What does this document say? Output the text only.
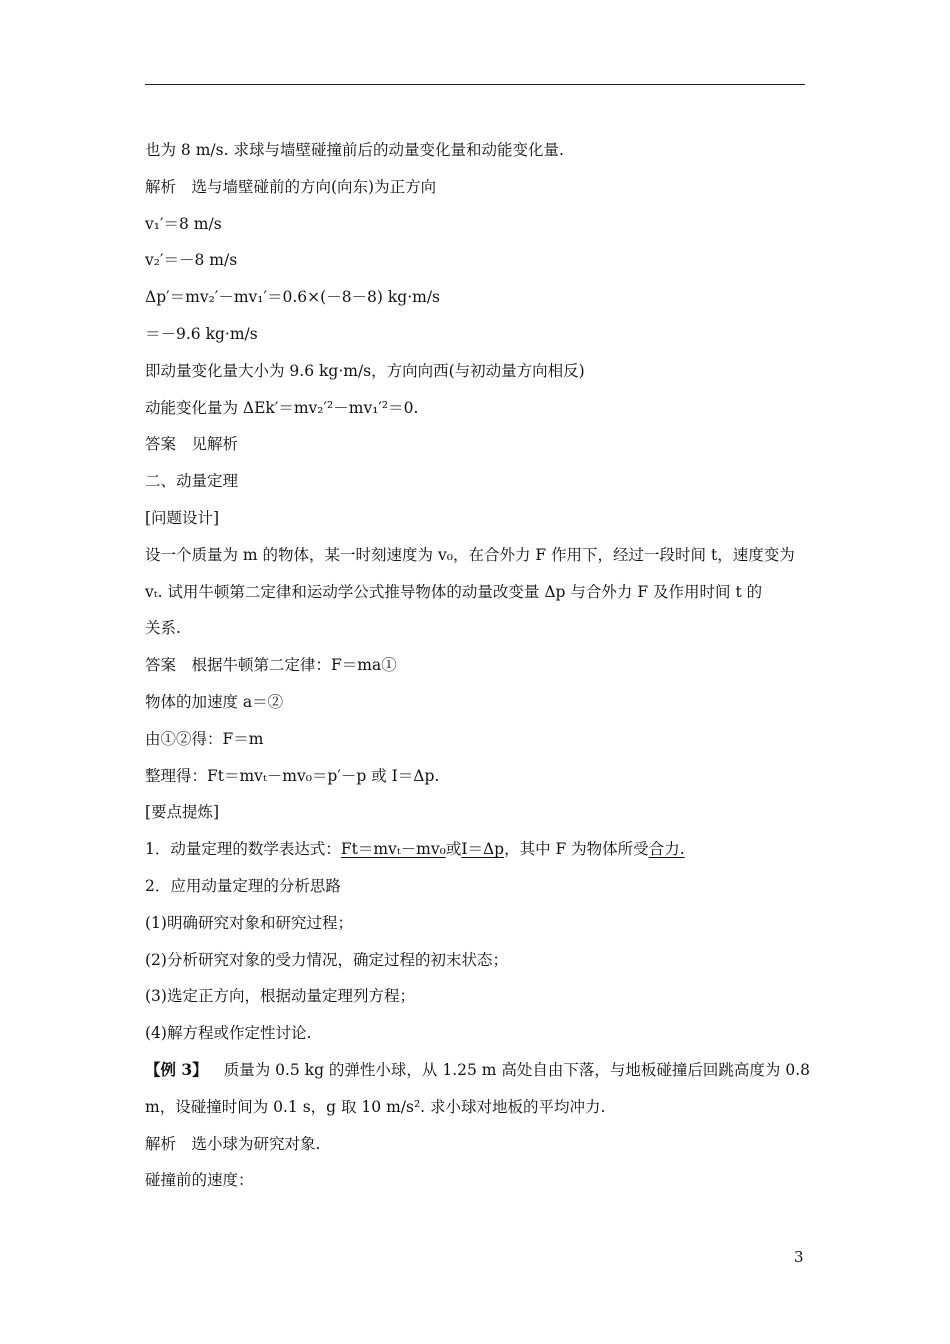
也为 8 m/s. 求球与墙壁碰撞前后的动量变化量和动能变化量.
解析　选与墙壁碰前的方向(向东)为正方向
v₁′＝8 m/s
v₂′＝－8 m/s
Δp′＝mv₂′－mv₁′＝0.6×(－8－8) kg·m/s
＝－9.6 kg·m/s
即动量变化量大小为 9.6 kg·m/s，方向向西(与初动量方向相反)
动能变化量为 ΔEk′＝mv₂′²－mv₁′²＝0.
答案　见解析
二、动量定理
[问题设计]
设一个质量为 m 的物体，某一时刻速度为 v₀，在合外力 F 作用下，经过一段时间 t，速度变为
vₜ. 试用牛顿第二定律和运动学公式推导物体的动量改变量 Δp 与合外力 F 及作用时间 t 的
关系.
答案　根据牛顿第二定律：F＝ma①
物体的加速度 a＝②
由①②得：F＝m
整理得：Ft＝mvₜ－mv₀＝p′－p 或 I＝Δp.
[要点提炼]
1．动量定理的数学表达式：Ft＝mvₜ－mv₀或I＝Δp，其中 F 为物体所受合力.
2．应用动量定理的分析思路
(1)明确研究对象和研究过程；
(2)分析研究对象的受力情况，确定过程的初末状态；
(3)选定正方向，根据动量定理列方程；
(4)解方程或作定性讨论.
【例 3】 质量为 0.5 kg 的弹性小球，从 1.25 m 高处自由下落，与地板碰撞后回跳高度为 0.8
m，设碰撞时间为 0.1 s，g 取 10 m/s². 求小球对地板的平均冲力.
解析　选小球为研究对象.
碰撞前的速度：
3
